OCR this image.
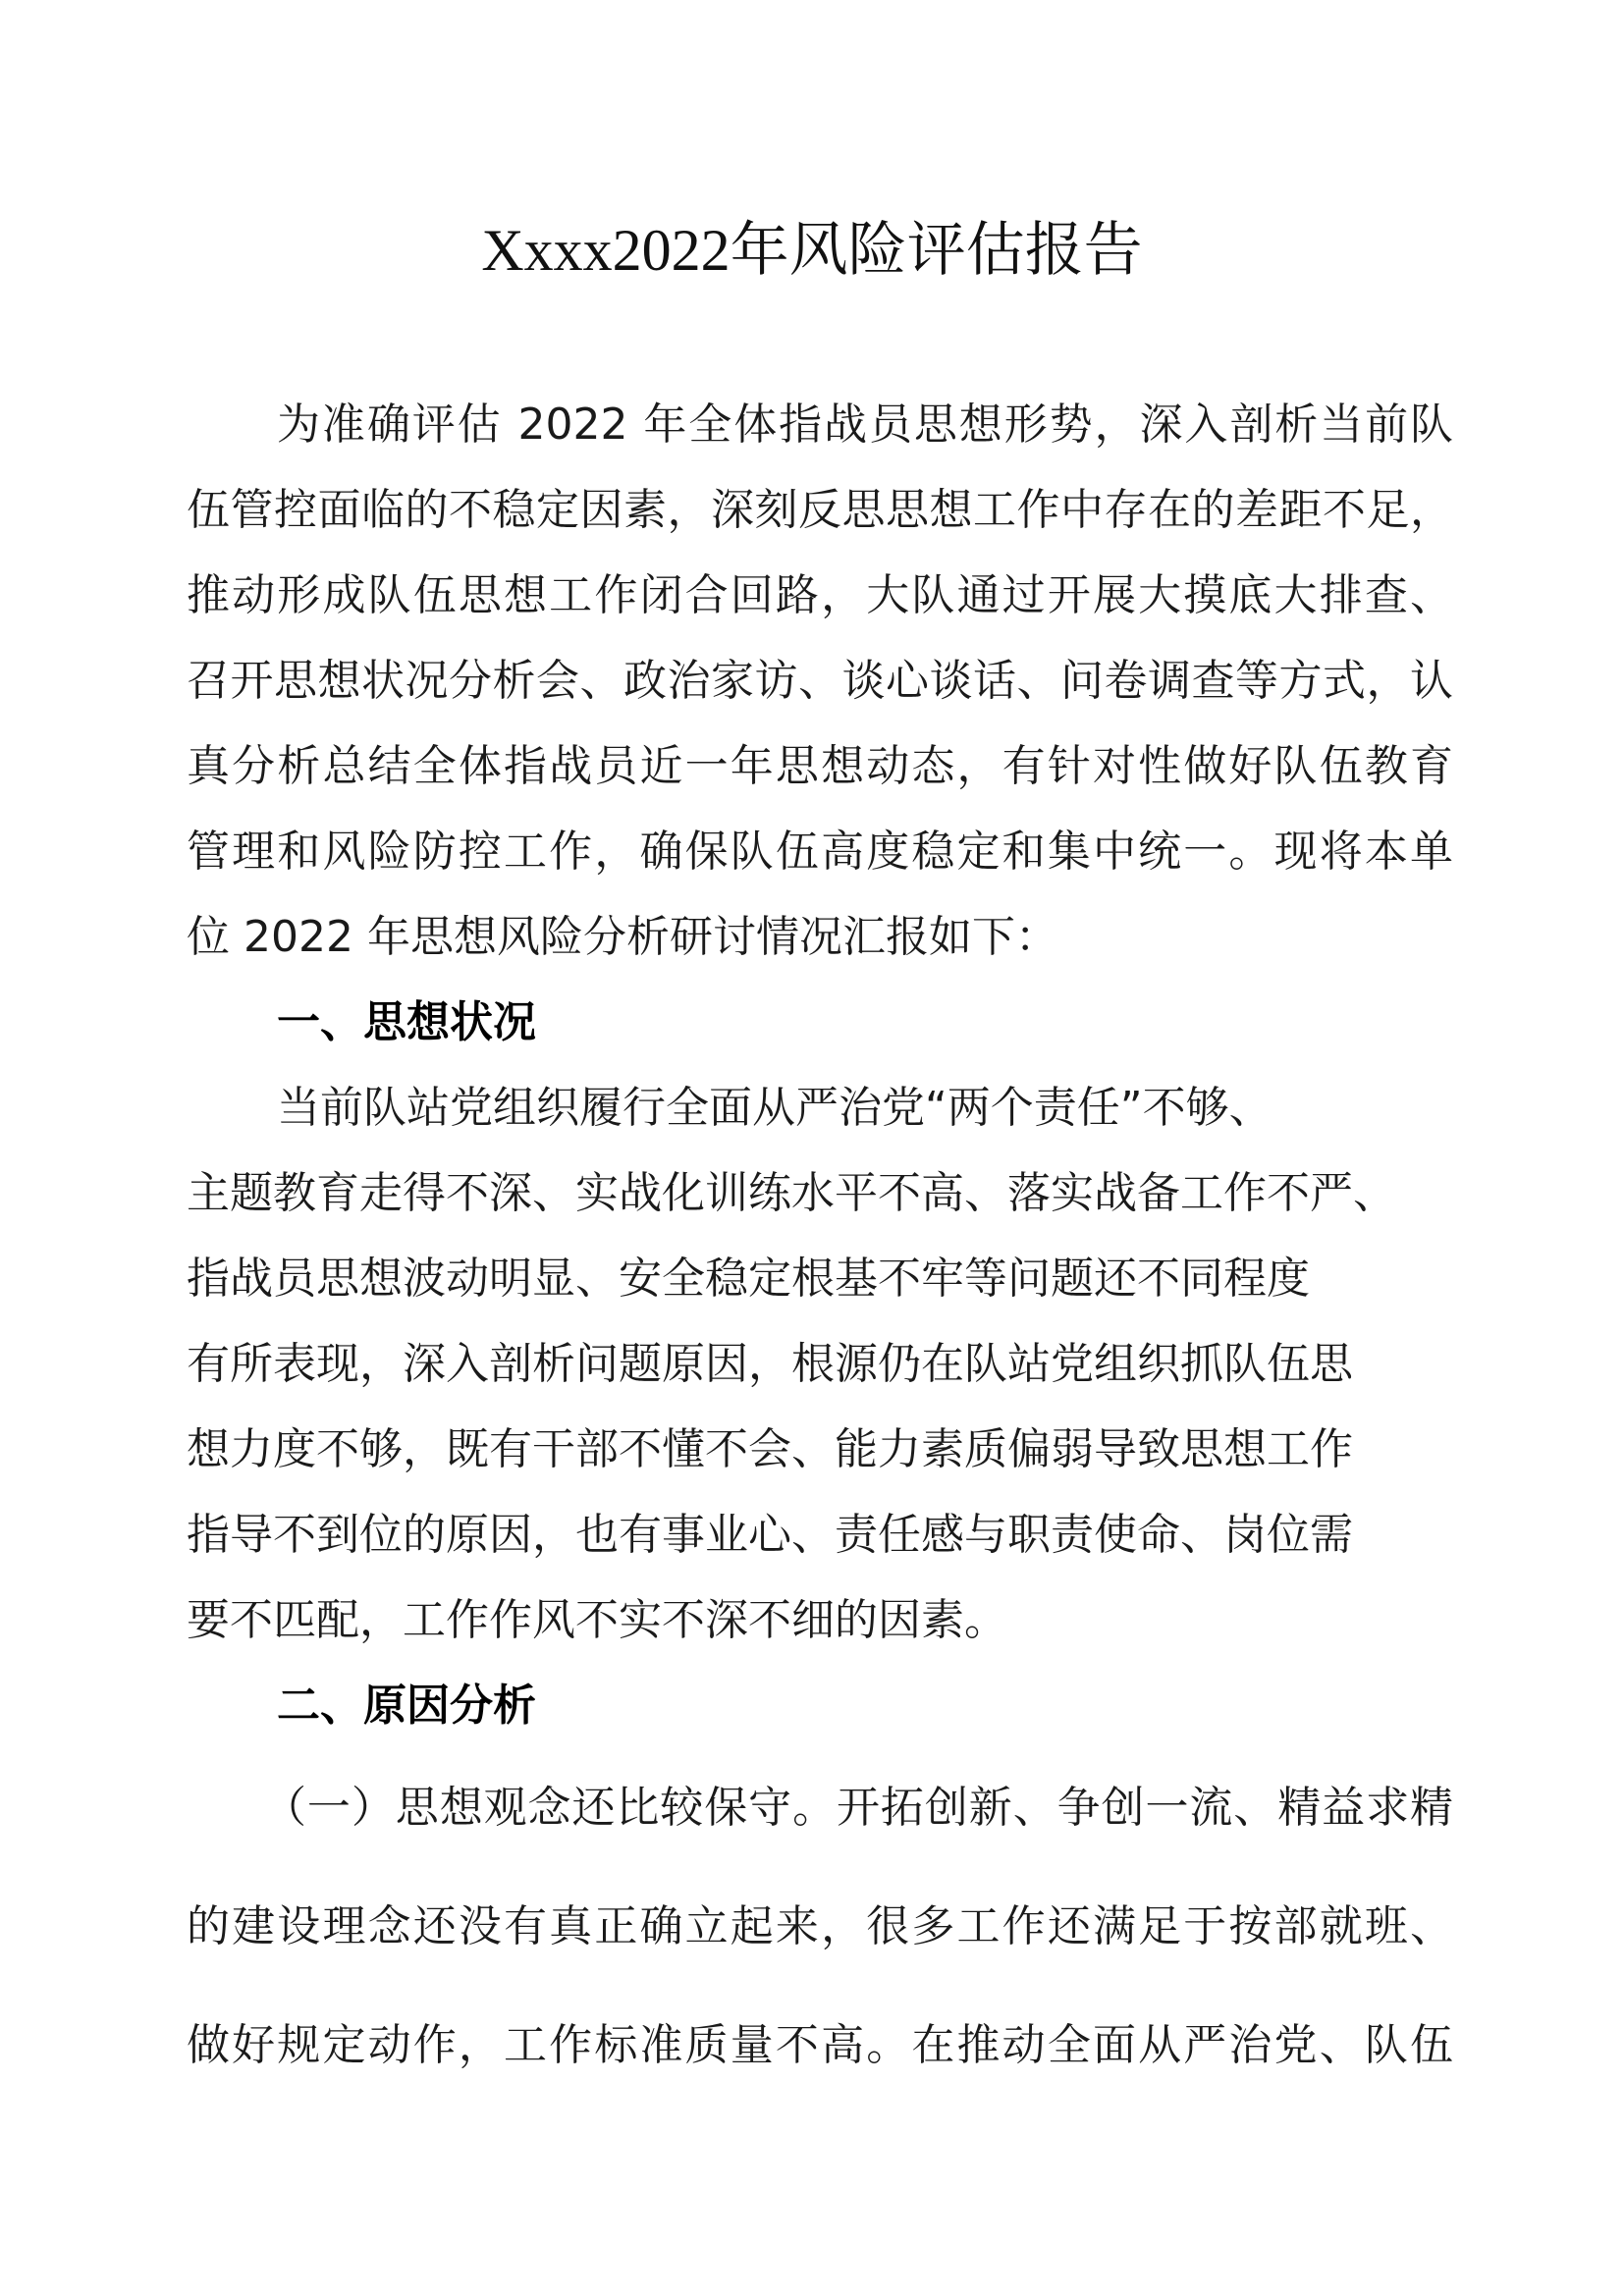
Xxxx2022年风险评估报告
为准确评估 2022 年全体指战员思想形势，深入剖析当前队
伍管控面临的不稳定因素，深刻反思思想工作中存在的差距不足，
推动形成队伍思想工作闭合回路，大队通过开展大摸底大排查、
召开思想状况分析会、政治家访、谈心谈话、问卷调查等方式，认
真分析总结全体指战员近一年思想动态，有针对性做好队伍教育
管理和风险防控工作，确保队伍高度稳定和集中统一。现将本单
位 2022 年思想风险分析研讨情况汇报如下：
一、思想状况
当前队站党组织履行全面从严治党“两个责任”不够、
主题教育走得不深、实战化训练水平不高、落实战备工作不严、
指战员思想波动明显、安全稳定根基不牢等问题还不同程度
有所表现，深入剖析问题原因，根源仍在队站党组织抓队伍思
想力度不够，既有干部不懂不会、能力素质偏弱导致思想工作
指导不到位的原因，也有事业心、责任感与职责使命、岗位需
要不匹配，工作作风不实不深不细的因素。
二、原因分析
（一）思想观念还比较保守。开拓创新、争创一流、精益求精
的建设理念还没有真正确立起来，很多工作还满足于按部就班、
做好规定动作，工作标准质量不高。在推动全面从严治党、队伍
